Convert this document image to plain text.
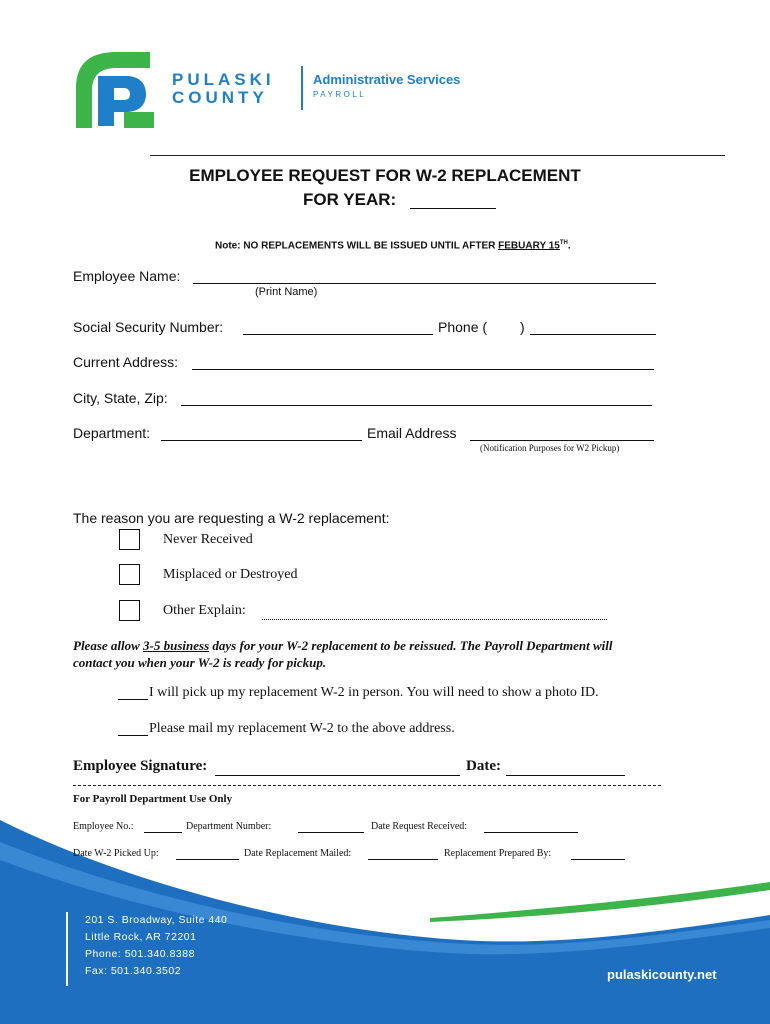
PULASKI
COUNTY
Administrative Services
PAYROLL
EMPLOYEE REQUEST FOR W-2 REPLACEMENT
FOR YEAR:
Note: NO REPLACEMENTS WILL BE ISSUED UNTIL AFTER FEBUARY 15TH.
Employee Name:
(Print Name)
Social Security Number:	Phone ( )
Current Address:
City, State, Zip:
Department:	Email Address
(Notification Purposes for W2 Pickup)
The reason you are requesting a W-2 replacement:
Never Received
Misplaced or Destroyed
Other Explain:
Please allow 3-5 business days for your W-2 replacement to be reissued. The Payroll Department will
contact you when your W-2 is ready for pickup.
I will pick up my replacement W-2 in person. You will need to show a photo ID.
Please mail my replacement W-2 to the above address.
Employee Signature:	Date:
For Payroll Department Use Only
Employee No.:	Department Number:	Date Request Received:
Date W-2 Picked Up:	Date Replacement Mailed:	Replacement Prepared By:
201 S. Broadway, Suite 440
Little Rock, AR 72201
Phone: 501.340.8388
Fax: 501.340.3502	pulaskicounty.net
